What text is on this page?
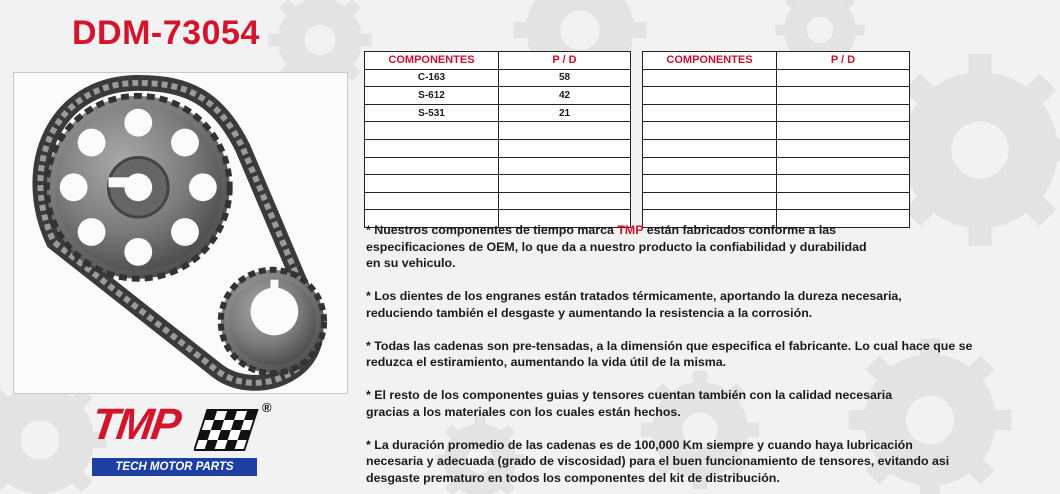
DDM-73054
COMPONENTES	P / D
C-163	58
S-612	42
S-531	21

COMPONENTES	P / D

* Nuestros componentes de tiempo marca TMP están fabricados conforme a las
especificaciones de OEM, lo que da a nuestro producto la confiabilidad y durabilidad
en su vehiculo.

* Los dientes de los engranes están tratados térmicamente, aportando la dureza necesaria,
reduciendo también el desgaste y aumentando la resistencia a la corrosión.

* Todas las cadenas son pre-tensadas, a la dimensión que especifica el fabricante. Lo cual hace que se
reduzca el estiramiento, aumentando la vida útil de la misma.

* El resto de los componentes guias y tensores cuentan también con la calidad necesaria
gracias a los materiales con los cuales están hechos.

* La duración promedio de las cadenas es de 100,000 Km siempre y cuando haya lubricación
necesaria y adecuada (grado de viscosidad) para el buen funcionamiento de tensores, evitando asi
desgaste prematuro en todos los componentes del kit de distribución.

TMP	®
TECH MOTOR PARTS
